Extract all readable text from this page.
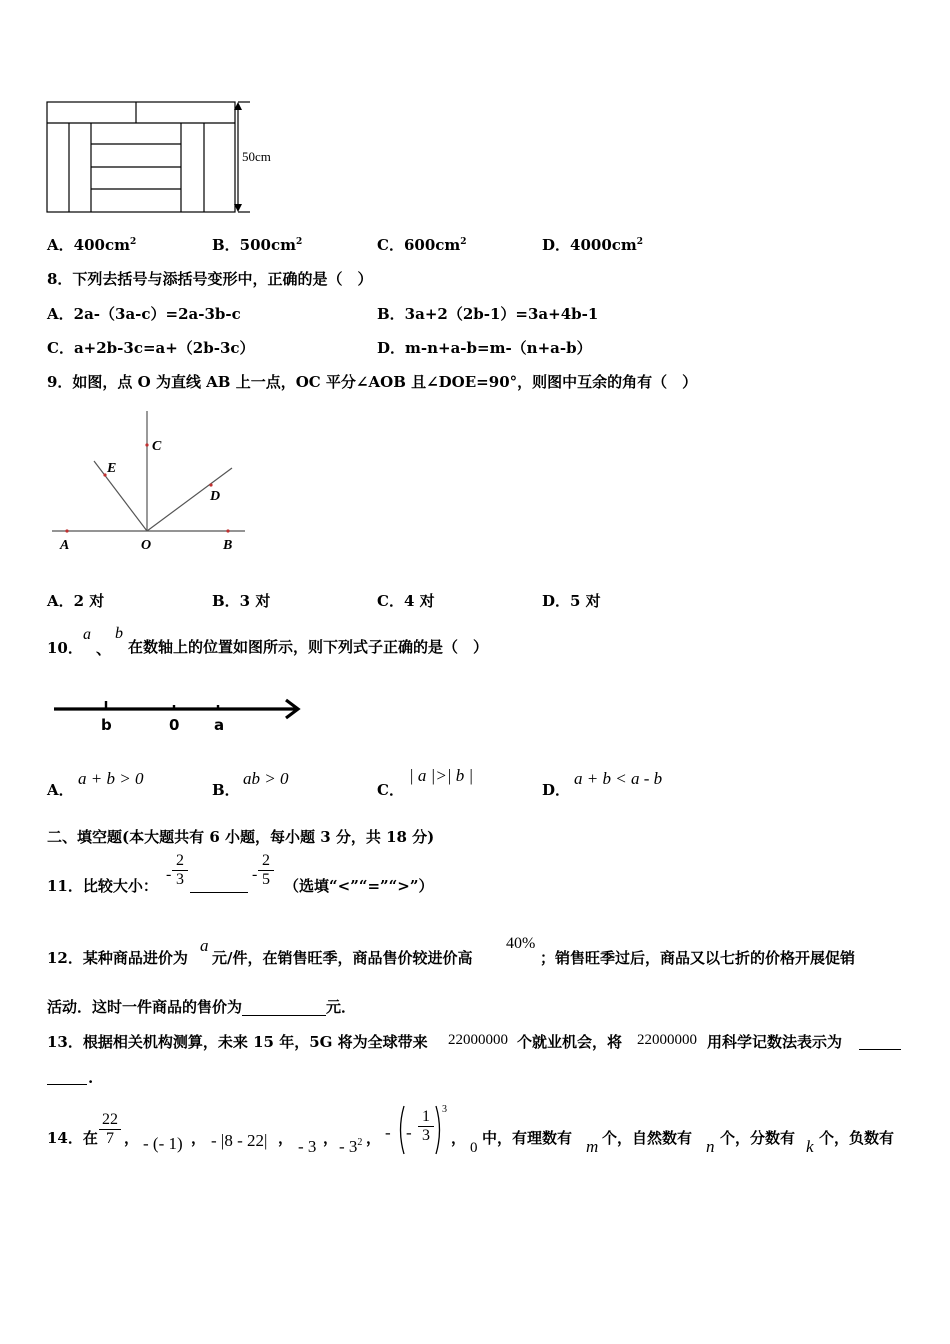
50cm
A．$400cm^2$	B．$500cm^2$	C．$600cm^2$	D．$4000cm^2$
8．下列去括号与添括号变形中，正确的是（　）
A．2a-（3a-c）=2a-3b-c	B．3a+2（2b-1）=3a+4b-1
C．a+2b-3c=a+（2b-3c）	D．m-n+a-b=m-（n+a-b）
9．如图，点 O 为直线 AB 上一点，OC 平分∠AOB 且∠DOE=90°，则图中互余的角有（　）
A	O	B
C
E
D
A．2 对	B．3 对	C．4 对	D．5 对
10．
a
、
b
在数轴上的位置如图所示，则下列式子正确的是（　）
b	0 a
A．
a + b > 0
B．
ab > 0
C．
| a |>| b |
D．
a + b < a - b
二、填空题(本大题共有 6 小题，每小题 3 分，共 18 分)
11．比较大小：
-
2
3	-
2
5 （选填“<”“=”“>”）
12．某种商品进价为
a
元/件，在销售旺季，商品售价较进价高
40%
；销售旺季过后，商品又以七折的价格开展促销
活动．这时一件商品的售价为	元．
13．根据相关机构测算，未来 15 年，5G 将为全球带来 22000000 个就业机会，将 22000000 用科学记数法表示为
.
14．在
22
7 ， - (- 1) ， - |8 - 22| ， - 3 ， - $3^2$ ， - -
1
3
3
，
0
中，有理数有 m 个，自然数有 n 个，分数有 k 个，负数有
